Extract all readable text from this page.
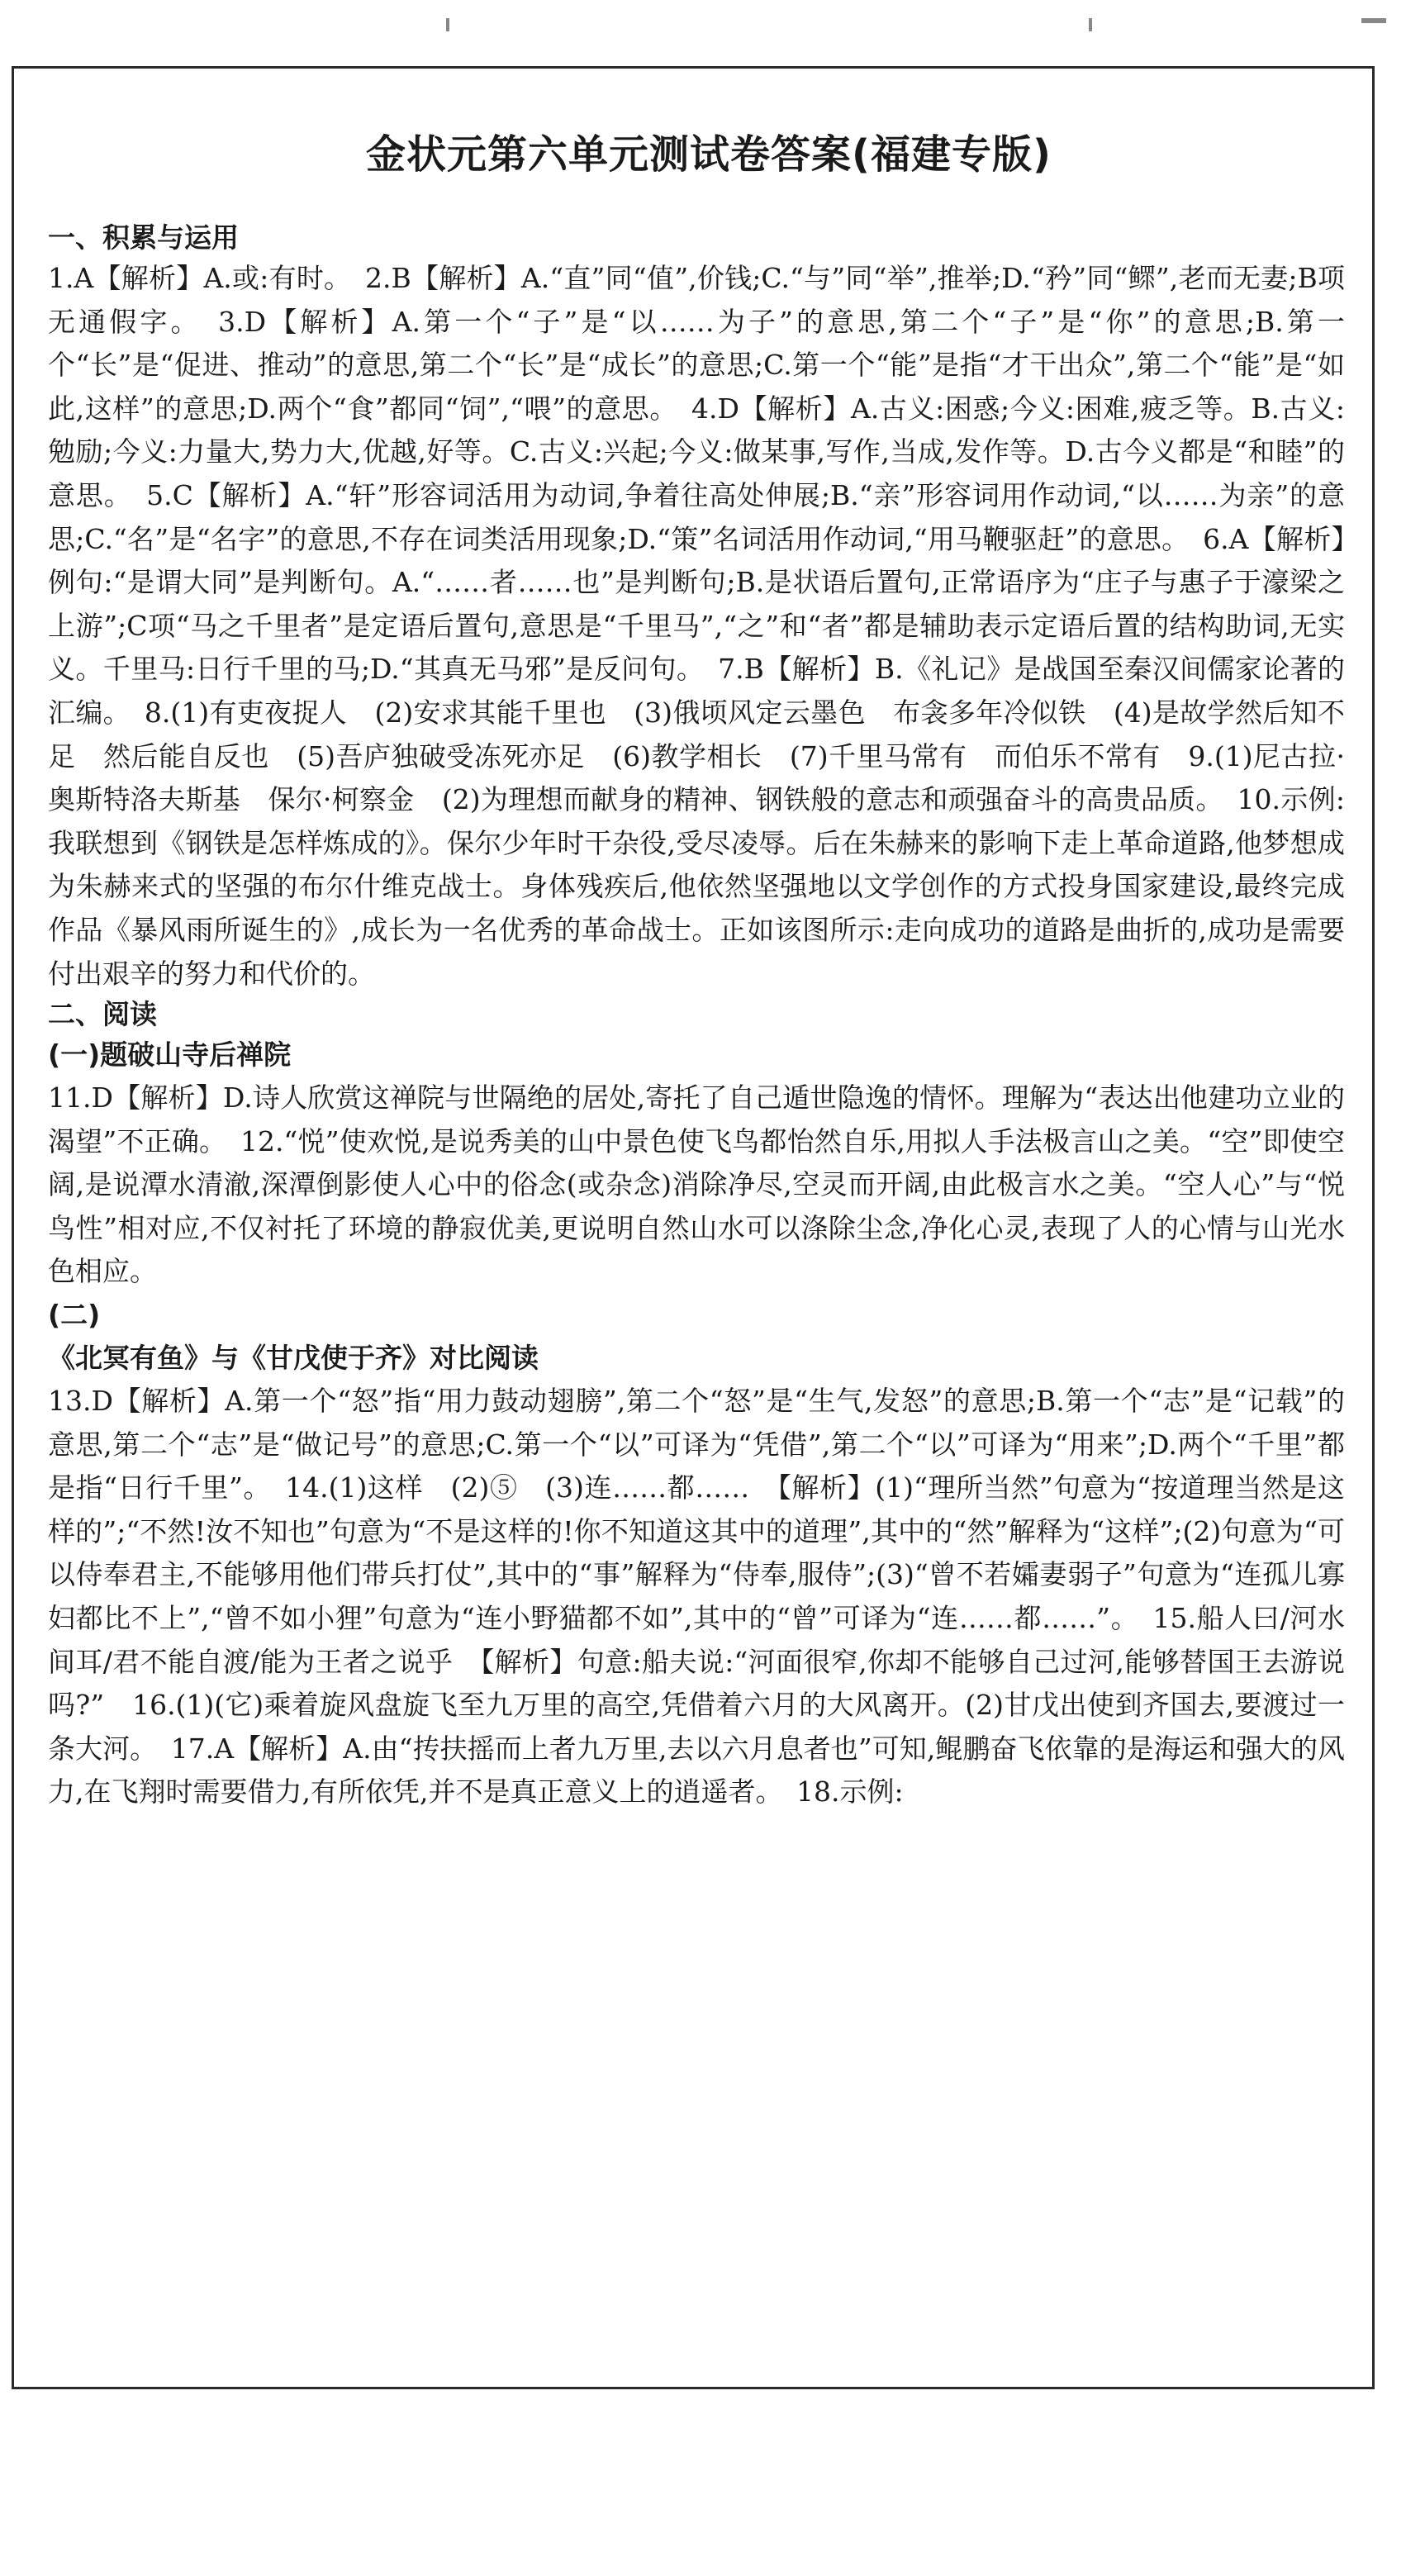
金状元第六单元测试卷答案(福建专版)
一、积累与运用

1.A【解析】A.或:有时。　2.B【解析】A.“直”同“值”,价钱;C.“与”同“举”,推举;D.“矜”同“鳏”,老而无妻;B项无通假字。　3.D【解析】A.第一个“子”是“以……为子”的意思,第二个“子”是“你”的意思;B.第一个“长”是“促进、推动”的意思,第二个“长”是“成长”的意思;C.第一个“能”是指“才干出众”,第二个“能”是“如此,这样”的意思;D.两个“食”都同“饲”,“喂”的意思。　4.D【解析】A.古义:困惑;今义:困难,疲乏等。B.古义:勉励;今义:力量大,势力大,优越,好等。C.古义:兴起;今义:做某事,写作,当成,发作等。D.古今义都是“和睦”的意思。　5.C【解析】A.“轩”形容词活用为动词,争着往高处伸展;B.“亲”形容词用作动词,“以……为亲”的意思;C.“名”是“名字”的意思,不存在词类活用现象;D.“策”名词活用作动词,“用马鞭驱赶”的意思。　6.A【解析】例句:“是谓大同”是判断句。A.“……者……也”是判断句;B.是状语后置句,正常语序为“庄子与惠子于濠梁之上游”;C项“马之千里者”是定语后置句,意思是“千里马”,“之”和“者”都是辅助表示定语后置的结构助词,无实义。千里马:日行千里的马;D.“其真无马邪”是反问句。　7.B【解析】B.《礼记》是战国至秦汉间儒家论著的汇编。　8.(1)有吏夜捉人　(2)安求其能千里也　(3)俄顷风定云墨色　布衾多年冷似铁　(4)是故学然后知不足　然后能自反也　(5)吾庐独破受冻死亦足　(6)教学相长　(7)千里马常有　而伯乐不常有　9.(1)尼古拉·奥斯特洛夫斯基　保尔·柯察金　(2)为理想而献身的精神、钢铁般的意志和顽强奋斗的高贵品质。　10.示例:我联想到《钢铁是怎样炼成的》。保尔少年时干杂役,受尽凌辱。后在朱赫来的影响下走上革命道路,他梦想成为朱赫来式的坚强的布尔什维克战士。身体残疾后,他依然坚强地以文学创作的方式投身国家建设,最终完成作品《暴风雨所诞生的》,成长为一名优秀的革命战士。正如该图所示:走向成功的道路是曲折的,成功是需要付出艰辛的努力和代价的。

二、阅读
(一)题破山寺后禅院

11.D【解析】D.诗人欣赏这禅院与世隔绝的居处,寄托了自己遁世隐逸的情怀。理解为“表达出他建功立业的渴望”不正确。　12.“悦”使欢悦,是说秀美的山中景色使飞鸟都怡然自乐,用拟人手法极言山之美。“空”即使空阔,是说潭水清澈,深潭倒影使人心中的俗念(或杂念)消除净尽,空灵而开阔,由此极言水之美。“空人心”与“悦鸟性”相对应,不仅衬托了环境的静寂优美,更说明自然山水可以涤除尘念,净化心灵,表现了人的心情与山光水色相应。

(二)
《北冥有鱼》与《甘戊使于齐》对比阅读

13.D【解析】A.第一个“怒”指“用力鼓动翅膀”,第二个“怒”是“生气,发怒”的意思;B.第一个“志”是“记载”的意思,第二个“志”是“做记号”的意思;C.第一个“以”可译为“凭借”,第二个“以”可译为“用来”;D.两个“千里”都是指“日行千里”。　14.(1)这样　(2)⑤　(3)连……都……　【解析】(1)“理所当然”句意为“按道理当然是这样的”;“不然!汝不知也”句意为“不是这样的!你不知道这其中的道理”,其中的“然”解释为“这样”;(2)句意为“可以侍奉君主,不能够用他们带兵打仗”,其中的“事”解释为“侍奉,服侍”;(3)“曾不若孀妻弱子”句意为“连孤儿寡妇都比不上”,“曾不如小狸”句意为“连小野猫都不如”,其中的“曾”可译为“连……都……”。　15.船人曰/河水间耳/君不能自渡/能为王者之说乎　【解析】句意:船夫说:“河面很窄,你却不能够自己过河,能够替国王去游说吗?”　16.(1)(它)乘着旋风盘旋飞至九万里的高空,凭借着六月的大风离开。(2)甘戊出使到齐国去,要渡过一条大河。　17.A【解析】A.由“抟扶摇而上者九万里,去以六月息者也”可知,鲲鹏奋飞依靠的是海运和强大的风力,在飞翔时需要借力,有所依凭,并不是真正意义上的逍遥者。　18.示例:
